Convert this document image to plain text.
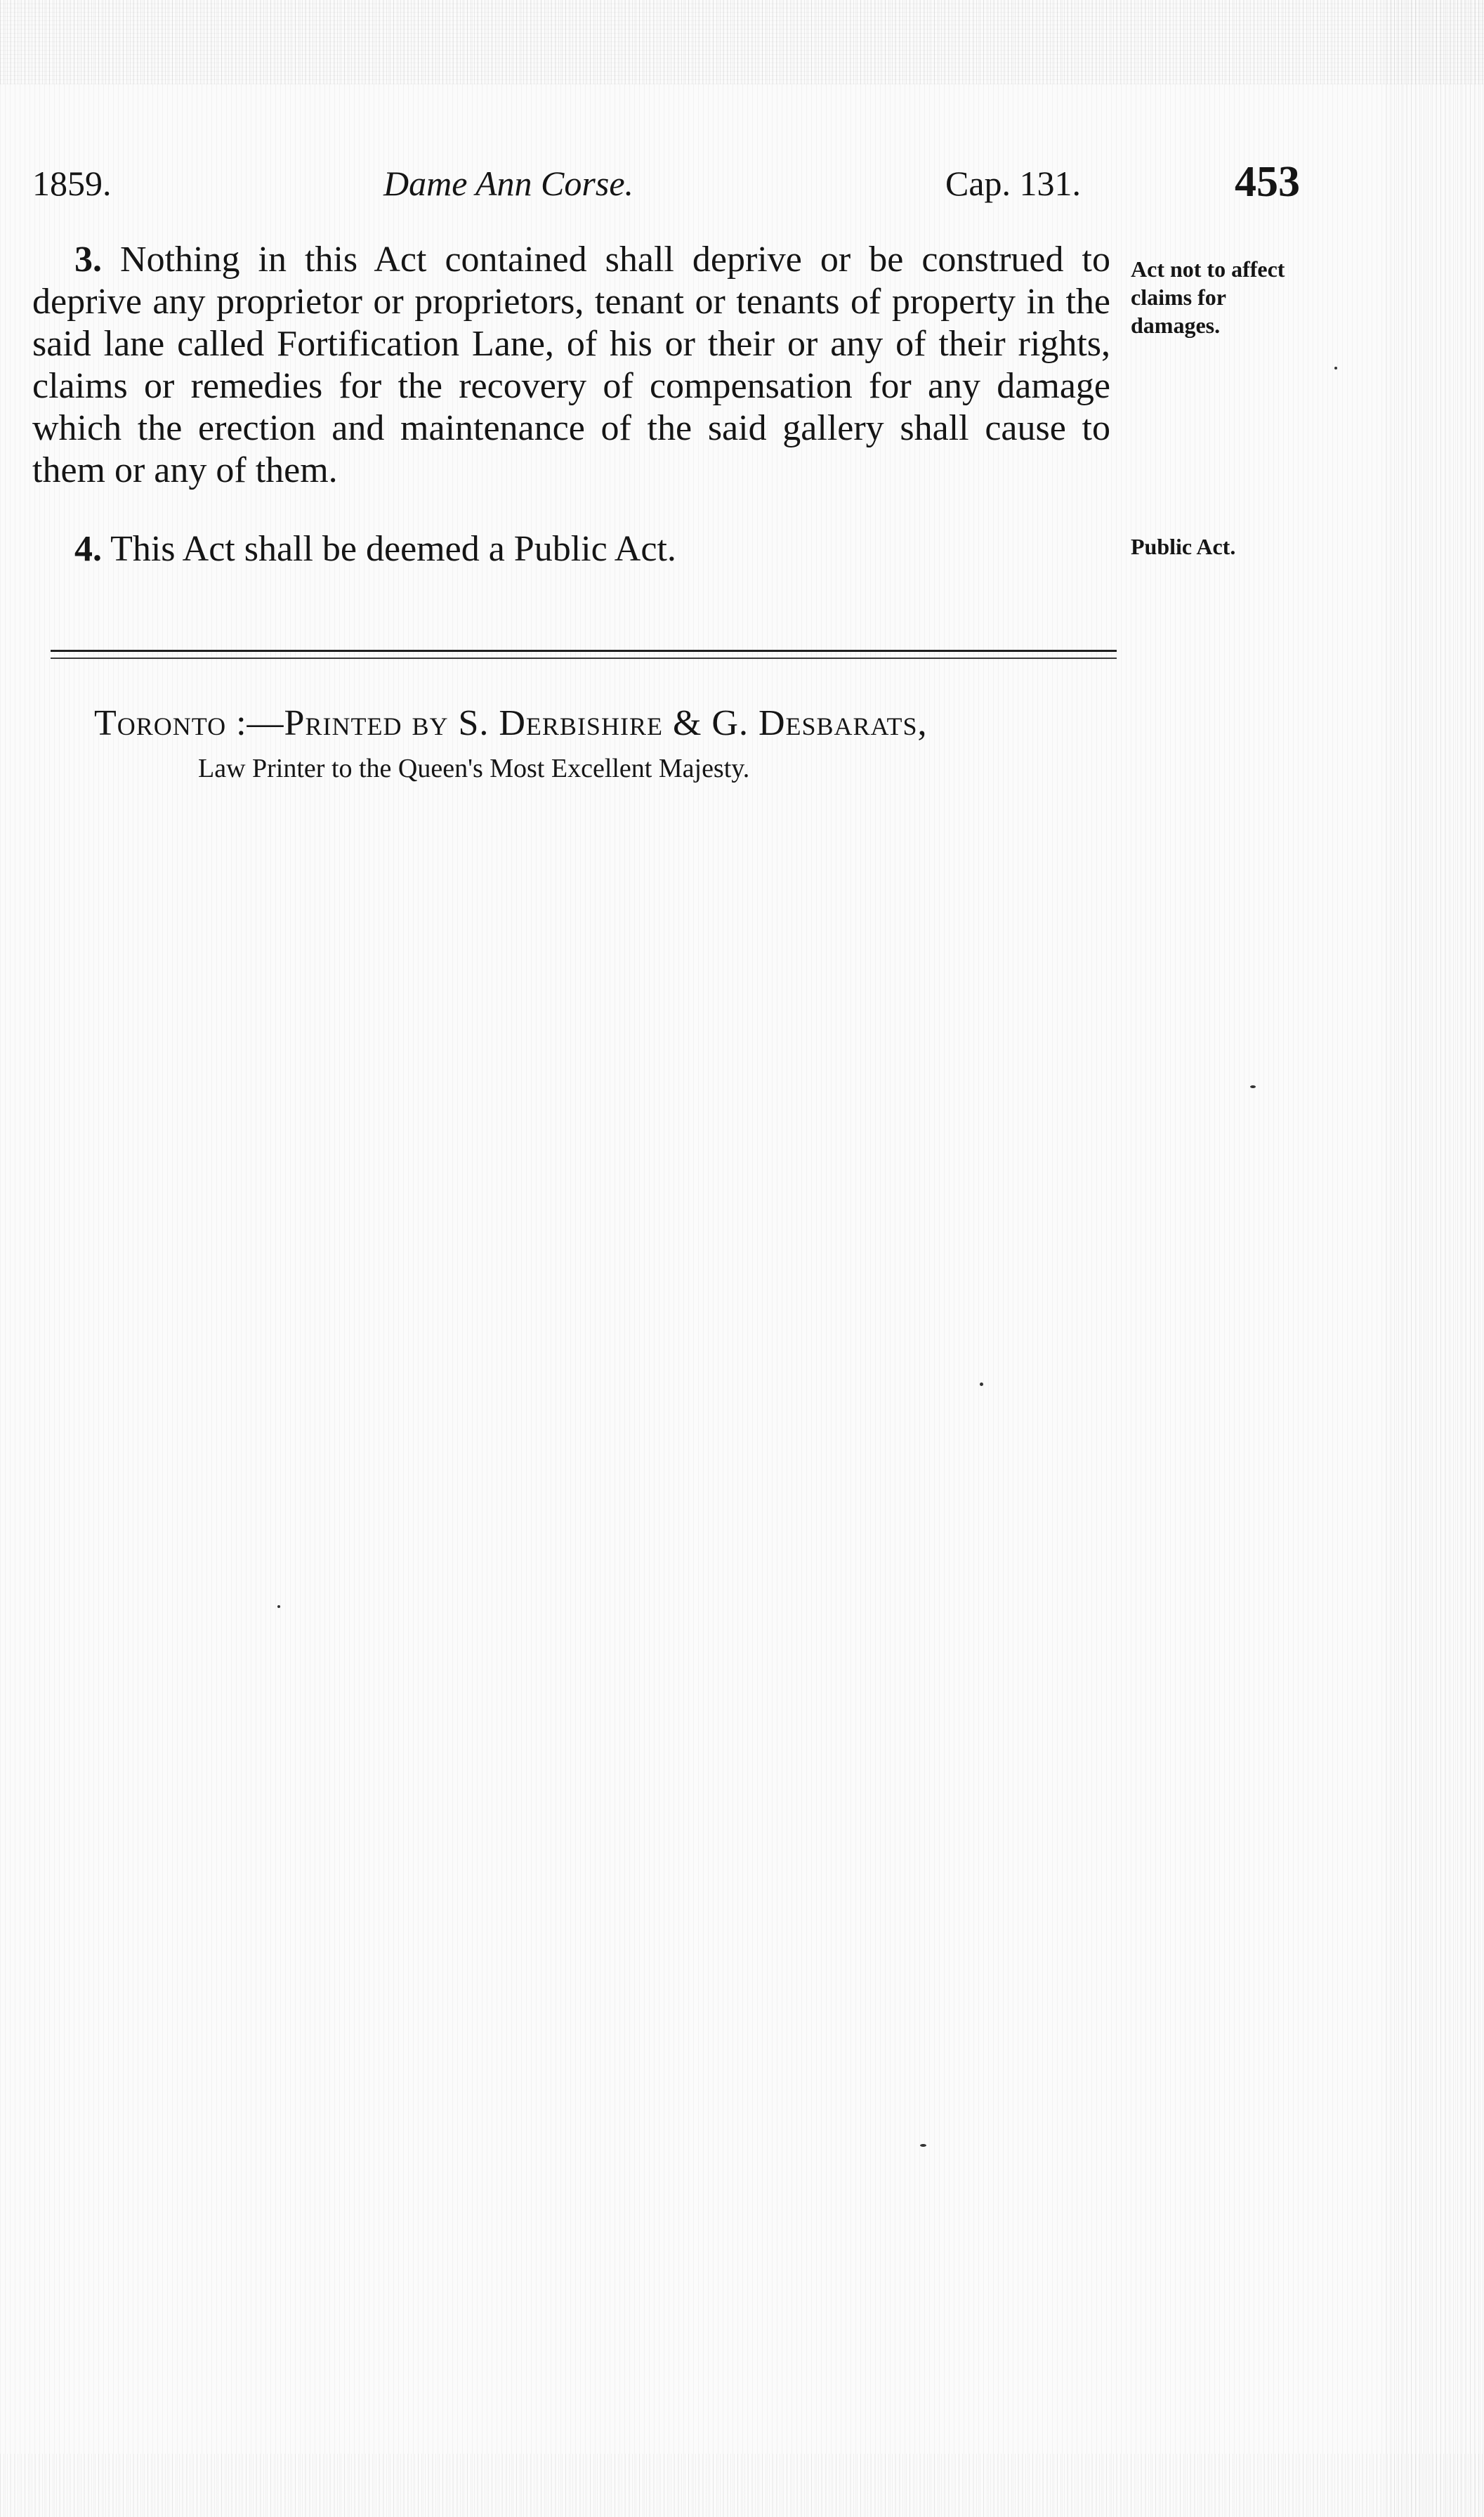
1859.	Dame Ann Corse.	Cap. 131.	453

3. Nothing in this Act contained shall deprive or be construed to deprive any proprietor or proprietors, tenant or tenants of property in the said lane called Fortification Lane, of his or their or any of their rights, claims or remedies for the recovery of compensation for any damage which the erection and maintenance of the said gallery shall cause to them or any of them.

4. This Act shall be deemed a Public Act.

Act not to affect claims for damages.
Public Act.
Toronto :—Printed by S. Derbishire & G. Desbarats,
Law Printer to the Queen's Most Excellent Majesty.
